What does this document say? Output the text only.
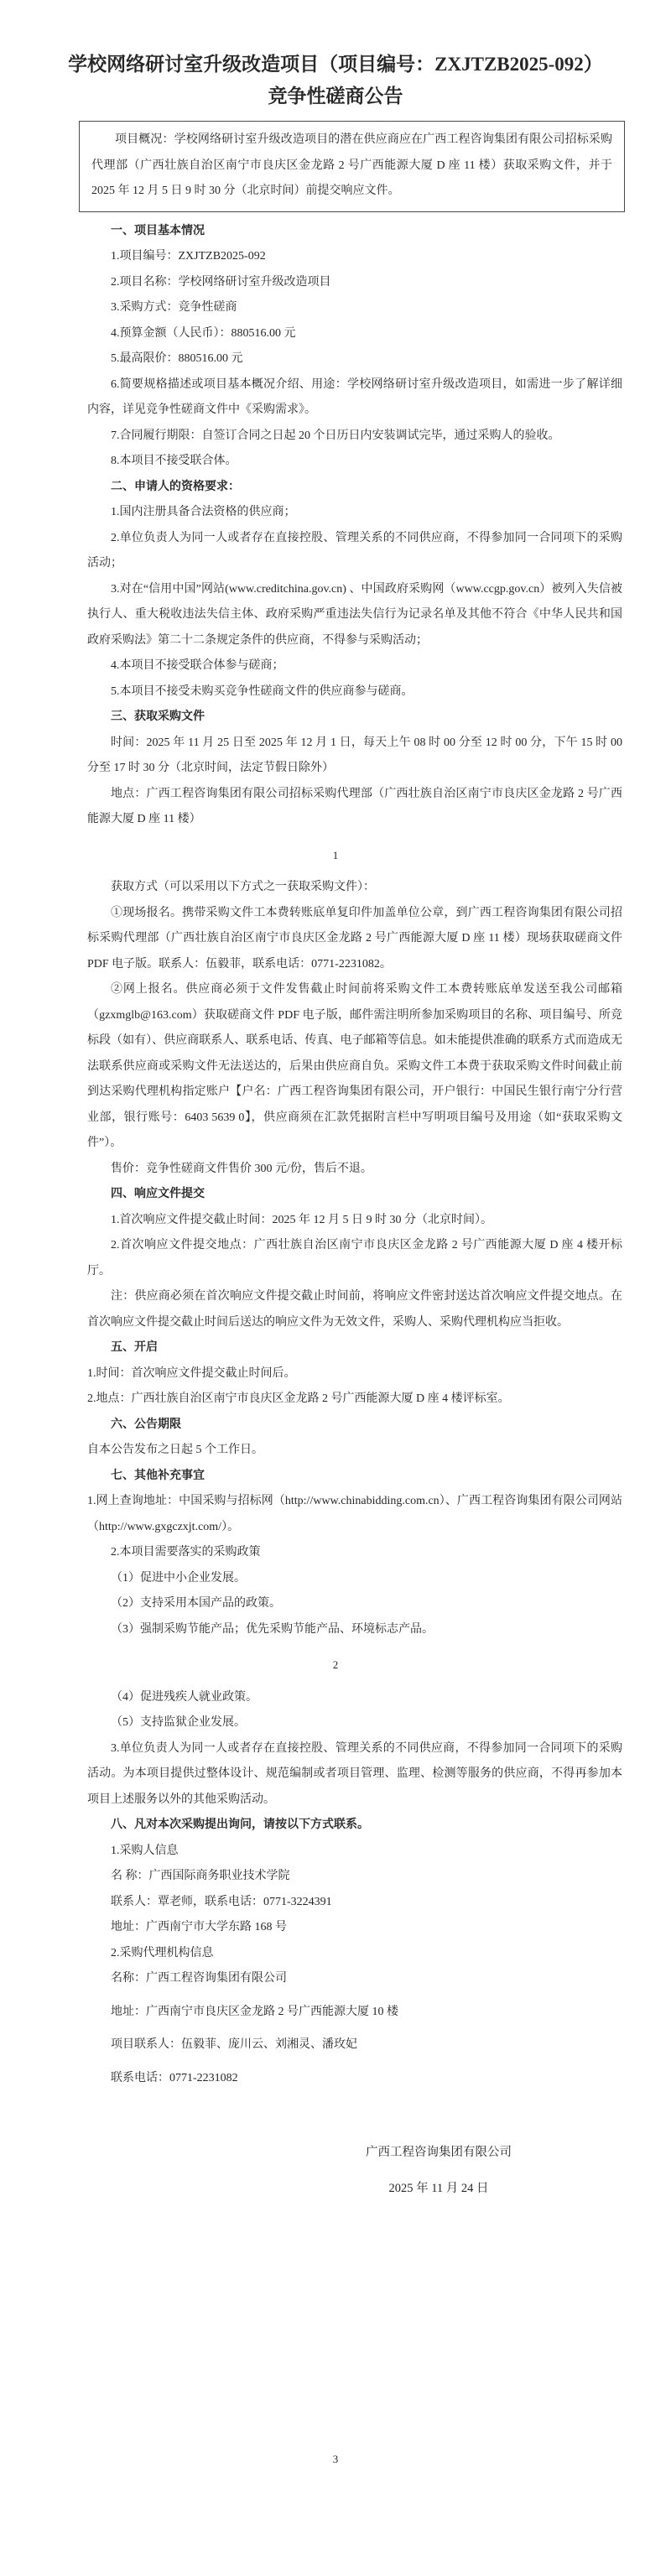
学校网络研讨室升级改造项目（项目编号：ZXJTZB2025-092）
竞争性磋商公告

项目概况：学校网络研讨室升级改造项目的潜在供应商应在广西工程咨询集团有限公司招标采购代理部（广西壮族自治区南宁市良庆区金龙路 2 号广西能源大厦 D 座 11 楼）获取采购文件，并于 2025 年 12 月 5 日 9 时 30 分（北京时间）前提交响应文件。

一、项目基本情况

1.项目编号：ZXJTZB2025-092

2.项目名称：学校网络研讨室升级改造项目

3.采购方式：竞争性磋商

4.预算金额（人民币）：880516.00 元

5.最高限价：880516.00 元

6.简要规格描述或项目基本概况介绍、用途：学校网络研讨室升级改造项目，如需进一步了解详细内容，详见竞争性磋商文件中《采购需求》。

7.合同履行期限：自签订合同之日起 20 个日历日内安装调试完毕，通过采购人的验收。

8.本项目不接受联合体。

二、申请人的资格要求：

1.国内注册具备合法资格的供应商；

2.单位负责人为同一人或者存在直接控股、管理关系的不同供应商，不得参加同一合同项下的采购活动；

3.对在“信用中国”网站(www.creditchina.gov.cn) 、中国政府采购网（www.ccgp.gov.cn）被列入失信被执行人、重大税收违法失信主体、政府采购严重违法失信行为记录名单及其他不符合《中华人民共和国政府采购法》第二十二条规定条件的供应商，不得参与采购活动；

4.本项目不接受联合体参与磋商；

5.本项目不接受未购买竞争性磋商文件的供应商参与磋商。

三、获取采购文件

时间：2025 年 11 月 25 日至 2025 年 12 月 1 日，每天上午 08 时 00 分至 12 时 00 分，下午 15 时 00 分至 17 时 30 分（北京时间，法定节假日除外）

地点：广西工程咨询集团有限公司招标采购代理部（广西壮族自治区南宁市良庆区金龙路 2 号广西能源大厦 D 座 11 楼）

1

获取方式（可以采用以下方式之一获取采购文件）：

①现场报名。携带采购文件工本费转账底单复印件加盖单位公章，到广西工程咨询集团有限公司招标采购代理部（广西壮族自治区南宁市良庆区金龙路 2 号广西能源大厦 D 座 11 楼）现场获取磋商文件 PDF 电子版。联系人：伍毅菲，联系电话：0771-2231082。

②网上报名。供应商必须于文件发售截止时间前将采购文件工本费转账底单发送至我公司邮箱（gzxmglb@163.com）获取磋商文件 PDF 电子版，邮件需注明所参加采购项目的名称、项目编号、所竞标段（如有）、供应商联系人、联系电话、传真、电子邮箱等信息。如未能提供准确的联系方式而造成无法联系供应商或采购文件无法送达的，后果由供应商自负。采购文件工本费于获取采购文件时间截止前到达采购代理机构指定账户【户名：广西工程咨询集团有限公司，开户银行：中国民生银行南宁分行营业部，银行账号：6403 5639 0】，供应商须在汇款凭据附言栏中写明项目编号及用途（如“获取采购文件”）。

售价：竞争性磋商文件售价 300 元/份，售后不退。

四、响应文件提交

1.首次响应文件提交截止时间：2025 年 12 月 5 日 9 时 30 分（北京时间）。

2.首次响应文件提交地点：广西壮族自治区南宁市良庆区金龙路 2 号广西能源大厦 D 座 4 楼开标厅。

注：供应商必须在首次响应文件提交截止时间前，将响应文件密封送达首次响应文件提交地点。在首次响应文件提交截止时间后送达的响应文件为无效文件，采购人、采购代理机构应当拒收。

五、开启

1.时间：首次响应文件提交截止时间后。

2.地点：广西壮族自治区南宁市良庆区金龙路 2 号广西能源大厦 D 座 4 楼评标室。

六、公告期限

自本公告发布之日起 5 个工作日。

七、其他补充事宜

1.网上查询地址：中国采购与招标网（http://www.chinabidding.com.cn）、广西工程咨询集团有限公司网站（http://www.gxgczxjt.com/）。

2.本项目需要落实的采购政策

（1）促进中小企业发展。

（2）支持采用本国产品的政策。

（3）强制采购节能产品；优先采购节能产品、环境标志产品。

2

（4）促进残疾人就业政策。

（5）支持监狱企业发展。

3.单位负责人为同一人或者存在直接控股、管理关系的不同供应商，不得参加同一合同项下的采购活动。为本项目提供过整体设计、规范编制或者项目管理、监理、检测等服务的供应商，不得再参加本项目上述服务以外的其他采购活动。

八、凡对本次采购提出询问，请按以下方式联系。

1.采购人信息

名 称：广西国际商务职业技术学院

联系人：覃老师，联系电话：0771-3224391

地址：广西南宁市大学东路 168 号

2.采购代理机构信息

名称：广西工程咨询集团有限公司

地址：广西南宁市良庆区金龙路 2 号广西能源大厦 10 楼

项目联系人：伍毅菲、庞川云、刘湘灵、潘玫妃

联系电话：0771-2231082

广西工程咨询集团有限公司
2025 年 11 月 24 日
3
